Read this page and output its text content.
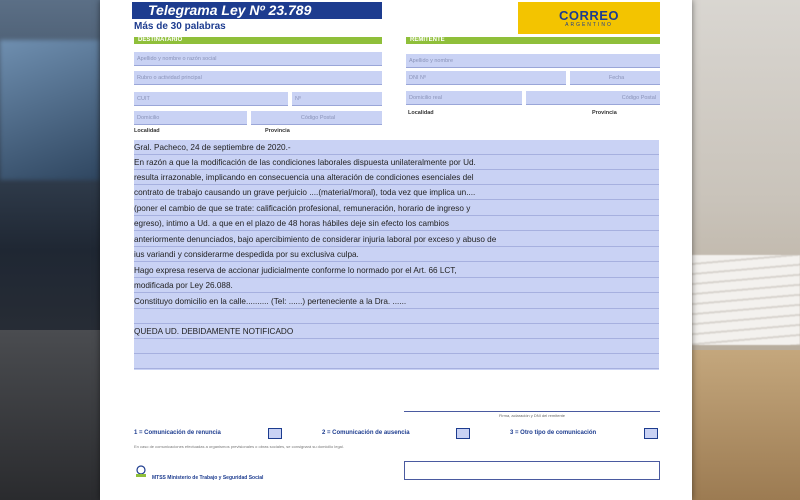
Telegrama Ley Nº 23.789
Más de 30 palabras
CORREO
ARGENTINO
DESTINATARIO
Apellido y nombre o razón social
Rubro o actividad principal
CUIT	Nº
Domicilio	Código Postal
Localidad	Provincia
REMITENTE
Apellido y nombre
DNI Nº	Fecha
Domicilio real	Código Postal
Localidad	Provincia
Gral. Pacheco, 24 de septiembre de 2020.-
En razón a que la modificación de las condiciones laborales dispuesta unilateralmente por Ud.
resulta irrazonable, implicando en consecuencia una alteración de condiciones esenciales del
contrato de trabajo causando un grave perjuicio ....(material/moral), toda vez que implica un....
(poner el cambio de que se trate: calificación profesional, remuneración, horario de ingreso y
egreso), intimo a Ud. a que en el plazo de 48 horas hábiles deje sin efecto los cambios
anteriormente denunciados, bajo apercibimiento de considerar injuria laboral por exceso y abuso de
ius variandi y considerarme despedida por su exclusiva culpa.
Hago expresa reserva de accionar judicialmente conforme lo normado por el Art. 66 LCT,
modificada por Ley 26.088.
Constituyo domicilio en la calle.......... (Tel: ......) perteneciente a la Dra. ......
QUEDA UD. DEBIDAMENTE NOTIFICADO
Firma, aclaración y DNI del remitente
1 = Comunicación de renuncia	2 = Comunicación de ausencia	3 = Otro tipo de comunicación
En caso de comunicaciones efectuadas a organismos previsionales o obras sociales, se consignará su domicilio legal.
MTSS Ministerio de Trabajo y Seguridad Social
